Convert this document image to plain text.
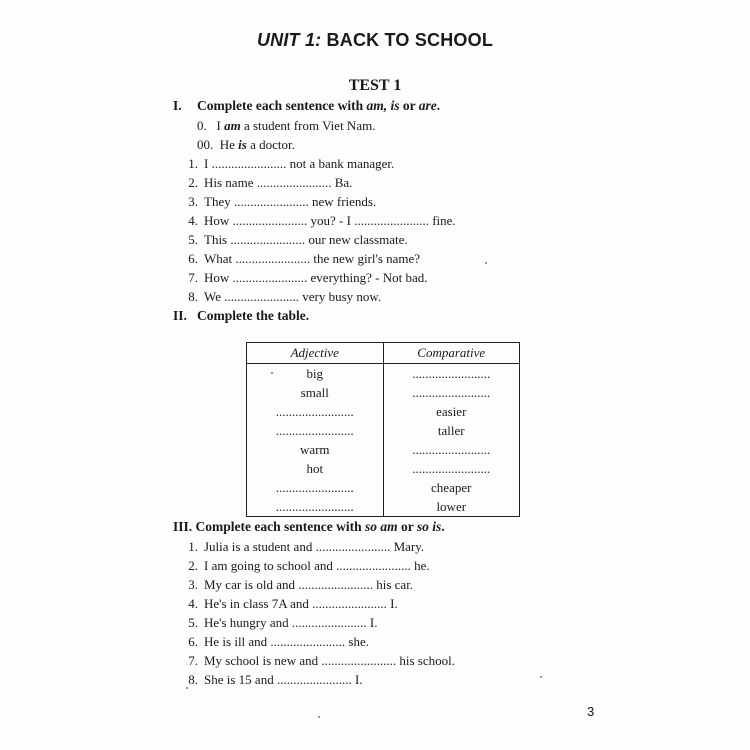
UNIT 1: BACK TO SCHOOL
TEST 1
I. Complete each sentence with am, is or are.
0. I am a student from Viet Nam.
00. He is a doctor.
1. I ....................... not a bank manager.
2. His name ....................... Ba.
3. They ....................... new friends.
4. How ....................... you? - I ....................... fine.
5. This ....................... our new classmate.
6. What ....................... the new girl's name?
7. How ....................... everything? - Not bad.
8. We ....................... very busy now.
II. Complete the table.
Adjective	Comparative
big	........................
small	........................
........................	easier
........................	taller
warm	........................
hot	........................
........................	cheaper
........................	lower
III. Complete each sentence with so am or so is.
1. Julia is a student and ....................... Mary.
2. I am going to school and ....................... he.
3. My car is old and ....................... his car.
4. He's in class 7A and ....................... I.
5. He's hungry and ....................... I.
6. He is ill and ....................... she.
7. My school is new and ....................... his school.
8. She is 15 and ....................... I.
3
